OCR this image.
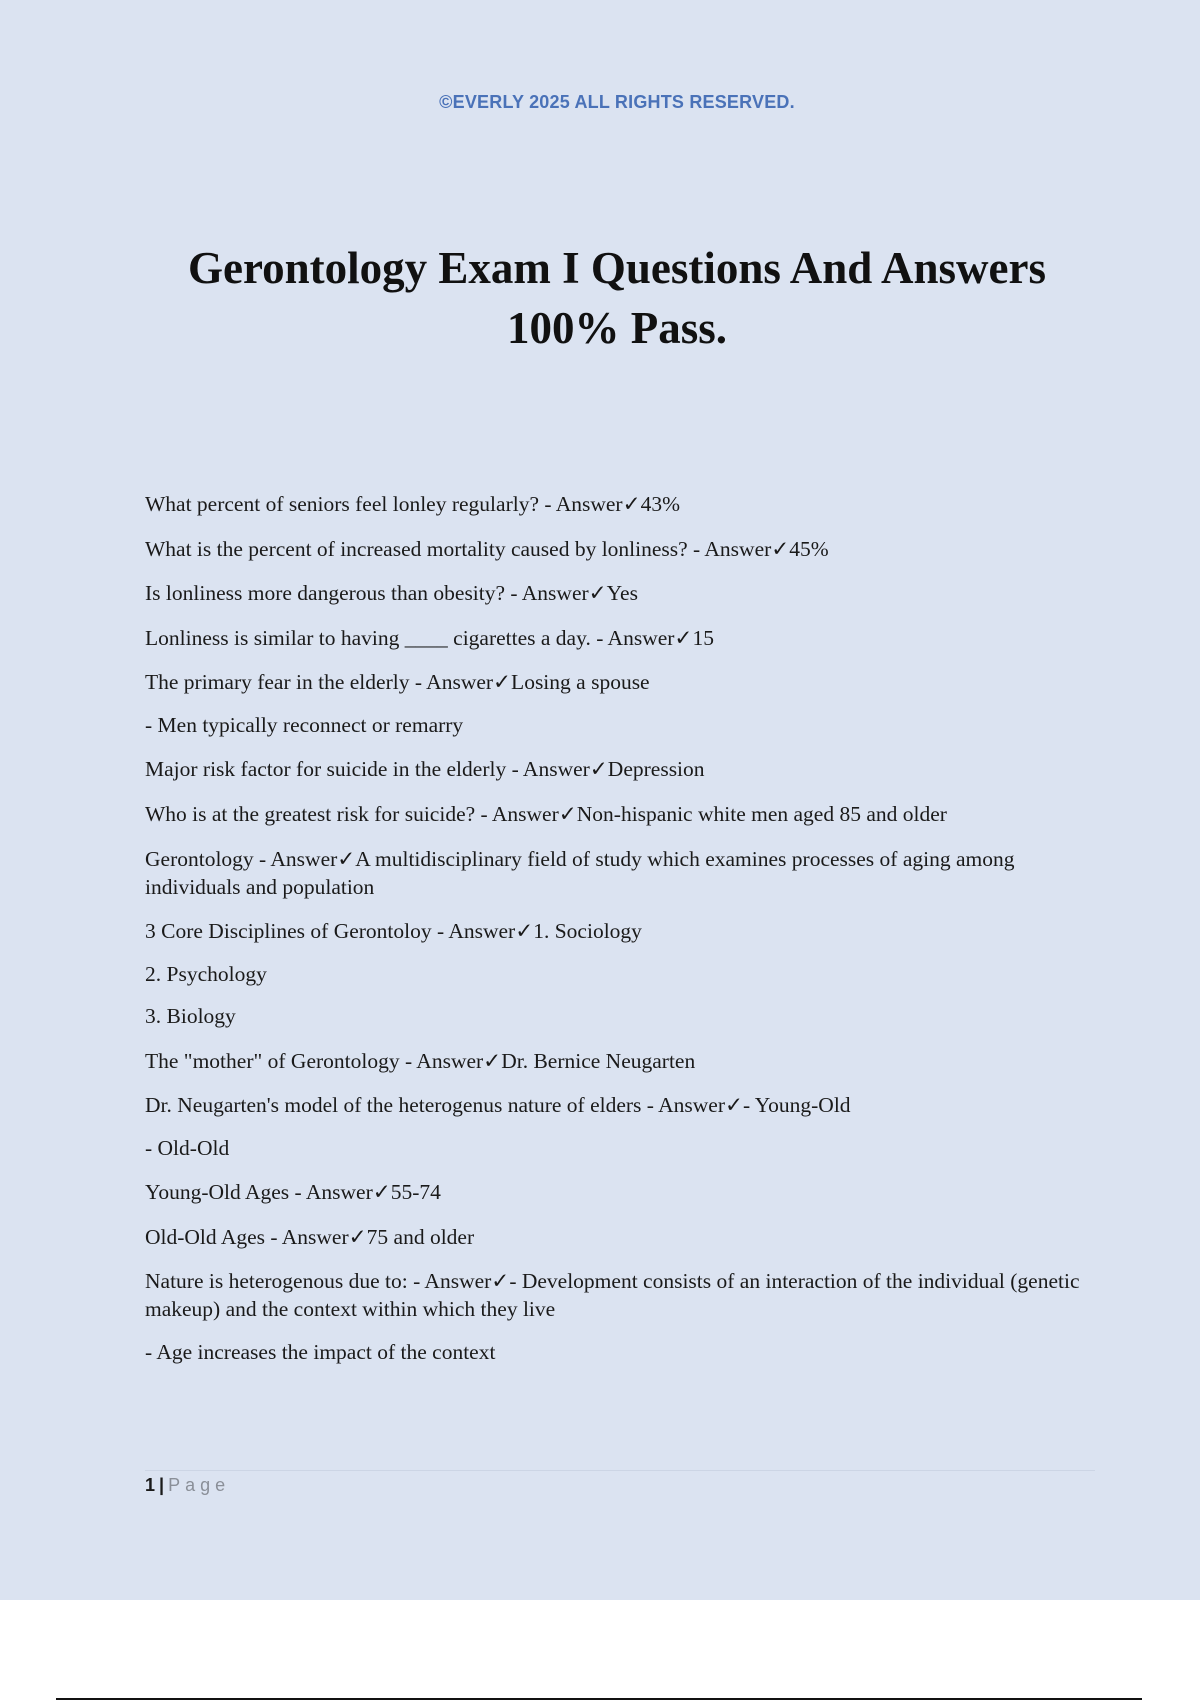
©EVERLY 2025 ALL RIGHTS RESERVED.
Gerontology Exam I Questions And Answers
100% Pass.

What percent of seniors feel lonley regularly? - Answer✓43%

What is the percent of increased mortality caused by lonliness? - Answer✓45%

Is lonliness more dangerous than obesity? - Answer✓Yes

Lonliness is similar to having ____ cigarettes a day. - Answer✓15

The primary fear in the elderly - Answer✓Losing a spouse

- Men typically reconnect or remarry

Major risk factor for suicide in the elderly - Answer✓Depression

Who is at the greatest risk for suicide? - Answer✓Non-hispanic white men aged 85 and older

Gerontology - Answer✓A multidisciplinary field of study which examines processes of aging among individuals and population

3 Core Disciplines of Gerontoloy - Answer✓1. Sociology

2. Psychology

3. Biology

The "mother" of Gerontology - Answer✓Dr. Bernice Neugarten

Dr. Neugarten's model of the heterogenus nature of elders - Answer✓- Young-Old

- Old-Old

Young-Old Ages - Answer✓55-74

Old-Old Ages - Answer✓75 and older

Nature is heterogenous due to: - Answer✓- Development consists of an interaction of the individual (genetic makeup) and the context within which they live

- Age increases the impact of the context

1 | Page
